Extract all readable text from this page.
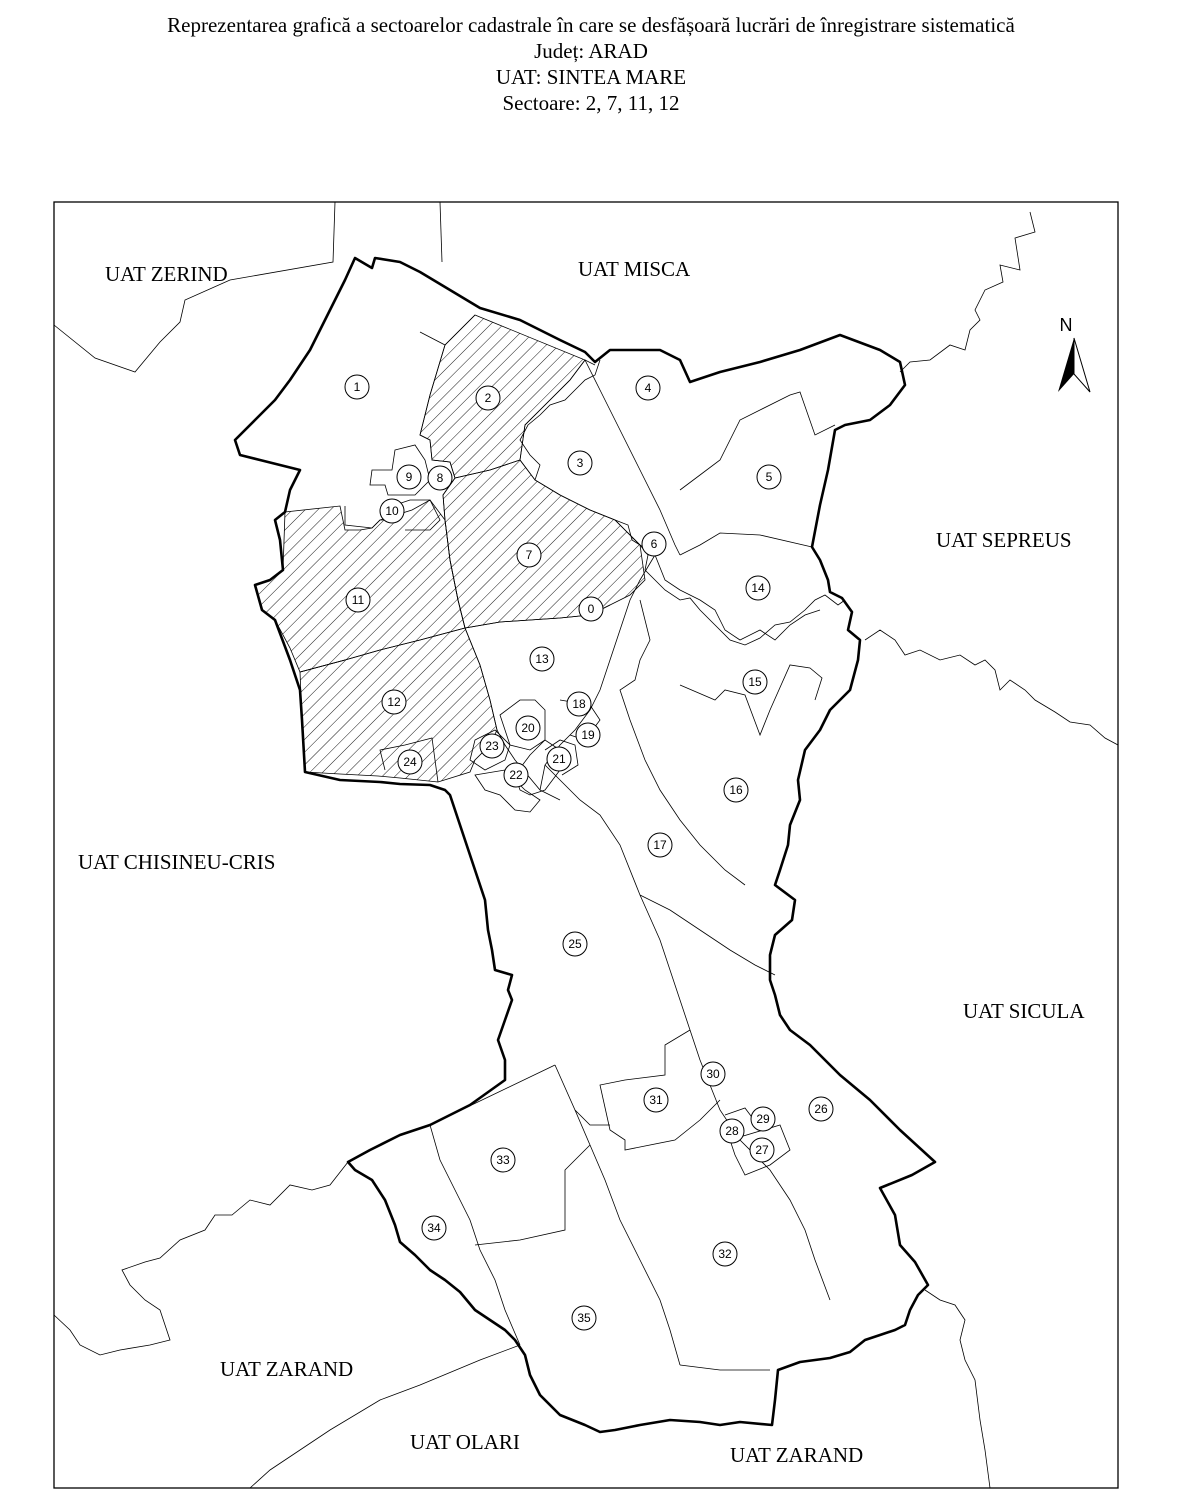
Reprezentarea grafică a sectoarelor cadastrale în care se desfășoară lucrări de înregistrare sistematică
Județ: ARAD
UAT: SINTEA MARE
Sectoare: 2, 7, 11, 12
UAT ZERIND	UAT MISCA
UAT SEPREUS
UAT CHISINEU-CRIS
UAT SICULA
UAT ZARAND
UAT OLARI
UAT ZARAND
N
0
1
2
3
4
5
6
7
8
9
10
11
12
13
14
15
16
17
18
19
20
21
22
23
24
25
26
27
28
29
30
31
32
33
34
35
